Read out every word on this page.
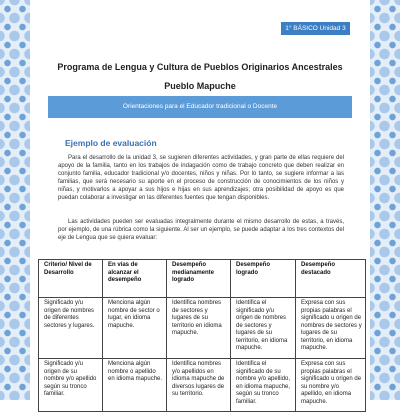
1° BÁSICO Unidad 3
Programa de Lengua y Cultura de Pueblos Originarios Ancestrales
Pueblo Mapuche
Orientaciones para el Educador tradicional o Docente
Ejemplo de evaluación

Para el desarrollo de la unidad 3, se sugieren diferentes actividades, y gran parte de ellas requiere del apoyo de la familia, tanto en los trabajos de indagación como de trabajo concreto que deben realizar en conjunto familia, educador tradicional y/o docentes, niños y niñas. Por lo tanto, se sugiere informar a las familias, que será necesario su aporte en el proceso de construcción de conocimientos de los niños y niñas, y motivarlos a apoyar a sus hijos e hijas en sus aprendizajes; otra posibilidad de apoyo es que puedan colaborar a investigar en las diferentes fuentes que tengan disponibles.

Las actividades pueden ser evaluadas integralmente durante el mismo desarrollo de estas, a través, por ejemplo, de una rúbrica como la siguiente. Al ser un ejemplo, se puede adaptar a los tres contextos del eje de Lengua que se quiera evaluar:

Criterio/ Nivel de Desarrollo	En vías de alcanzar el desempeño	Desempeño medianamente logrado	Desempeño logrado	Desempeño destacado
Significado y/u origen de nombres de diferentes sectores y lugares.	Menciona algún nombre de sector o lugar, en idioma mapuche.	Identifica nombres de sectores y lugares de su territorio en idioma mapuche.	Identifica el significado y/u origen de nombres de sectores y lugares de su territorio, en idioma mapuche.	Expresa con sus propias palabras el significado u origen de nombres de sectores y lugares de su territorio, en idioma mapuche.
Significado y/u origen de su nombre y/o apellido según su tronco familiar.	Menciona algún nombre o apellido en idioma mapuche.	Identifica nombres y/o apellidos en idioma mapuche de diversos lugares de su territorio.	Identifica el significado de su nombre y/o apellido, en idioma mapuche, según su tronco familiar.	Expresa con sus propias palabras el significado u origen de su nombre y/o apellido, en idioma mapuche.
